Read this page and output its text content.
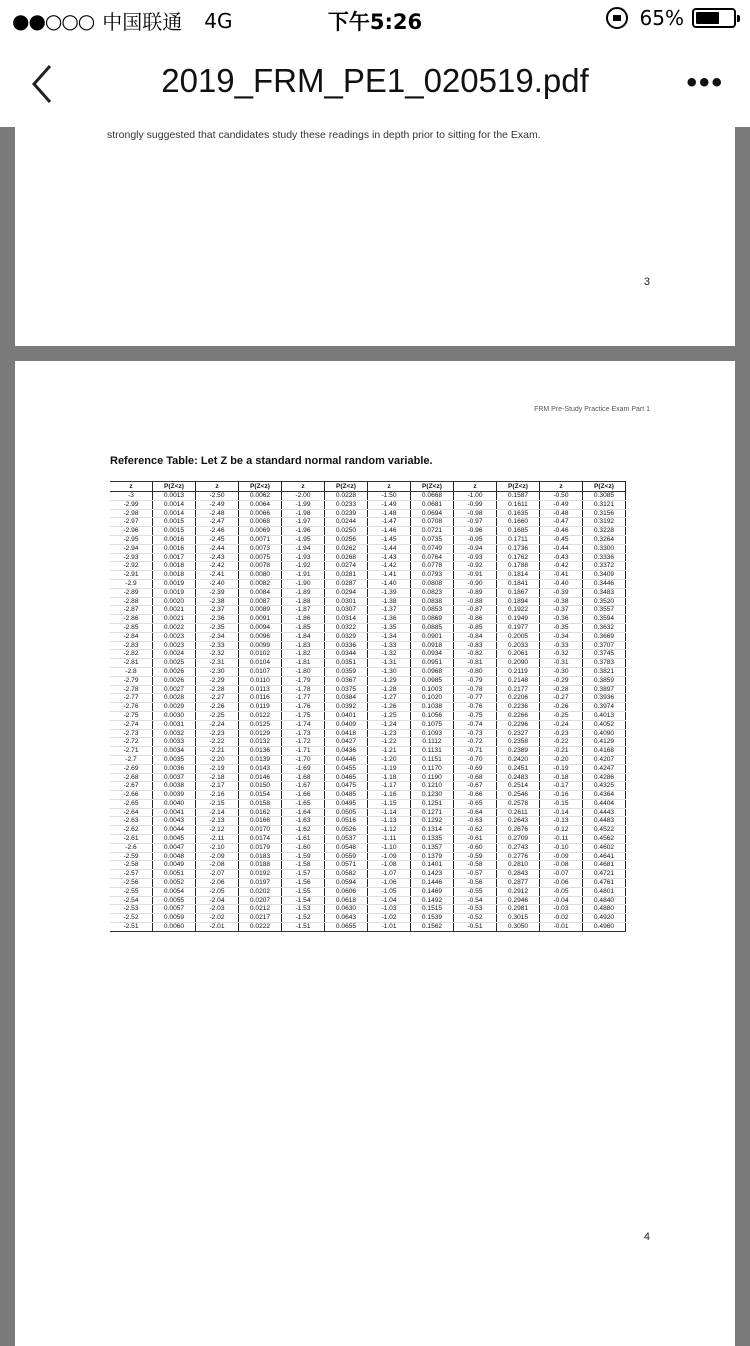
●●○○○ 中国联通 4G	下午5:26	65%
2019_FRM_PE1_020519.pdf	•••
strongly suggested that candidates study these readings in depth prior to sitting for the Exam.
3
FRM Pre-Study Practice Exam Part 1
Reference Table: Let Z be a standard normal random variable.
z	P(Z<z)	z	P(Z<z)	z	P(Z<z)	z	P(Z<z)	z	P(Z<z)	z	P(Z<z)
-3	0.0013	-2.50	0.0062	-2.00	0.0228	-1.50	0.0668	-1.00	0.1587	-0.50	0.3085
-2.99	0.0014	-2.49	0.0064	-1.99	0.0233	-1.49	0.0681	-0.99	0.1611	-0.49	0.3121
-2.98	0.0014	-2.48	0.0066	-1.98	0.0239	-1.48	0.0694	-0.98	0.1635	-0.48	0.3156
-2.97	0.0015	-2.47	0.0068	-1.97	0.0244	-1.47	0.0708	-0.97	0.1660	-0.47	0.3192
-2.96	0.0015	-2.46	0.0069	-1.96	0.0250	-1.46	0.0721	-0.96	0.1685	-0.46	0.3228
-2.95	0.0016	-2.45	0.0071	-1.95	0.0256	-1.45	0.0735	-0.95	0.1711	-0.45	0.3264
-2.94	0.0016	-2.44	0.0073	-1.94	0.0262	-1.44	0.0749	-0.94	0.1736	-0.44	0.3300
-2.93	0.0017	-2.43	0.0075	-1.93	0.0268	-1.43	0.0764	-0.93	0.1762	-0.43	0.3336
-2.92	0.0018	-2.42	0.0078	-1.92	0.0274	-1.42	0.0778	-0.92	0.1788	-0.42	0.3372
-2.91	0.0018	-2.41	0.0080	-1.91	0.0281	-1.41	0.0793	-0.91	0.1814	-0.41	0.3409
-2.9	0.0019	-2.40	0.0082	-1.90	0.0287	-1.40	0.0808	-0.90	0.1841	-0.40	0.3446
-2.89	0.0019	-2.39	0.0084	-1.89	0.0294	-1.39	0.0823	-0.89	0.1867	-0.39	0.3483
-2.88	0.0020	-2.38	0.0087	-1.88	0.0301	-1.38	0.0838	-0.88	0.1894	-0.38	0.3520
-2.87	0.0021	-2.37	0.0089	-1.87	0.0307	-1.37	0.0853	-0.87	0.1922	-0.37	0.3557
-2.86	0.0021	-2.36	0.0091	-1.86	0.0314	-1.36	0.0869	-0.86	0.1949	-0.36	0.3594
-2.85	0.0022	-2.35	0.0094	-1.85	0.0322	-1.35	0.0885	-0.85	0.1977	-0.35	0.3632
-2.84	0.0023	-2.34	0.0096	-1.84	0.0329	-1.34	0.0901	-0.84	0.2005	-0.34	0.3669
-2.83	0.0023	-2.33	0.0099	-1.83	0.0336	-1.33	0.0918	-0.83	0.2033	-0.33	0.3707
-2.82	0.0024	-2.32	0.0102	-1.82	0.0344	-1.32	0.0934	-0.82	0.2061	-0.32	0.3745
-2.81	0.0025	-2.31	0.0104	-1.81	0.0351	-1.31	0.0951	-0.81	0.2090	-0.31	0.3783
-2.8	0.0026	-2.30	0.0107	-1.80	0.0359	-1.30	0.0968	-0.80	0.2119	-0.30	0.3821
-2.79	0.0026	-2.29	0.0110	-1.79	0.0367	-1.29	0.0985	-0.79	0.2148	-0.29	0.3859
-2.78	0.0027	-2.28	0.0113	-1.78	0.0375	-1.28	0.1003	-0.78	0.2177	-0.28	0.3897
-2.77	0.0028	-2.27	0.0116	-1.77	0.0384	-1.27	0.1020	-0.77	0.2206	-0.27	0.3936
-2.76	0.0029	-2.26	0.0119	-1.76	0.0392	-1.26	0.1038	-0.76	0.2236	-0.26	0.3974
-2.75	0.0030	-2.25	0.0122	-1.75	0.0401	-1.25	0.1056	-0.75	0.2266	-0.25	0.4013
-2.74	0.0031	-2.24	0.0125	-1.74	0.0409	-1.24	0.1075	-0.74	0.2296	-0.24	0.4052
-2.73	0.0032	-2.23	0.0129	-1.73	0.0418	-1.23	0.1093	-0.73	0.2327	-0.23	0.4090
-2.72	0.0033	-2.22	0.0132	-1.72	0.0427	-1.22	0.1112	-0.72	0.2358	-0.22	0.4129
-2.71	0.0034	-2.21	0.0136	-1.71	0.0436	-1.21	0.1131	-0.71	0.2389	-0.21	0.4168
-2.7	0.0035	-2.20	0.0139	-1.70	0.0446	-1.20	0.1151	-0.70	0.2420	-0.20	0.4207
-2.69	0.0036	-2.19	0.0143	-1.69	0.0455	-1.19	0.1170	-0.69	0.2451	-0.19	0.4247
-2.68	0.0037	-2.18	0.0146	-1.68	0.0465	-1.18	0.1190	-0.68	0.2483	-0.18	0.4286
-2.67	0.0038	-2.17	0.0150	-1.67	0.0475	-1.17	0.1210	-0.67	0.2514	-0.17	0.4325
-2.66	0.0039	-2.16	0.0154	-1.66	0.0485	-1.16	0.1230	-0.66	0.2546	-0.16	0.4364
-2.65	0.0040	-2.15	0.0158	-1.65	0.0495	-1.15	0.1251	-0.65	0.2578	-0.15	0.4404
-2.64	0.0041	-2.14	0.0162	-1.64	0.0505	-1.14	0.1271	-0.64	0.2611	-0.14	0.4443
-2.63	0.0043	-2.13	0.0166	-1.63	0.0516	-1.13	0.1292	-0.63	0.2643	-0.13	0.4483
-2.62	0.0044	-2.12	0.0170	-1.62	0.0526	-1.12	0.1314	-0.62	0.2676	-0.12	0.4522
-2.61	0.0045	-2.11	0.0174	-1.61	0.0537	-1.11	0.1335	-0.61	0.2709	-0.11	0.4562
-2.6	0.0047	-2.10	0.0179	-1.60	0.0548	-1.10	0.1357	-0.60	0.2743	-0.10	0.4602
-2.59	0.0048	-2.09	0.0183	-1.59	0.0559	-1.09	0.1379	-0.59	0.2776	-0.09	0.4641
-2.58	0.0049	-2.08	0.0188	-1.58	0.0571	-1.08	0.1401	-0.58	0.2810	-0.08	0.4681
-2.57	0.0051	-2.07	0.0192	-1.57	0.0582	-1.07	0.1423	-0.57	0.2843	-0.07	0.4721
-2.56	0.0052	-2.06	0.0197	-1.56	0.0594	-1.06	0.1446	-0.56	0.2877	-0.06	0.4761
-2.55	0.0054	-2.05	0.0202	-1.55	0.0606	-1.05	0.1469	-0.55	0.2912	-0.05	0.4801
-2.54	0.0055	-2.04	0.0207	-1.54	0.0618	-1.04	0.1492	-0.54	0.2946	-0.04	0.4840
-2.53	0.0057	-2.03	0.0212	-1.53	0.0630	-1.03	0.1515	-0.53	0.2981	-0.03	0.4880
-2.52	0.0059	-2.02	0.0217	-1.52	0.0643	-1.02	0.1539	-0.52	0.3015	-0.02	0.4920
-2.51	0.0060	-2.01	0.0222	-1.51	0.0655	-1.01	0.1562	-0.51	0.3050	-0.01	0.4960
4
